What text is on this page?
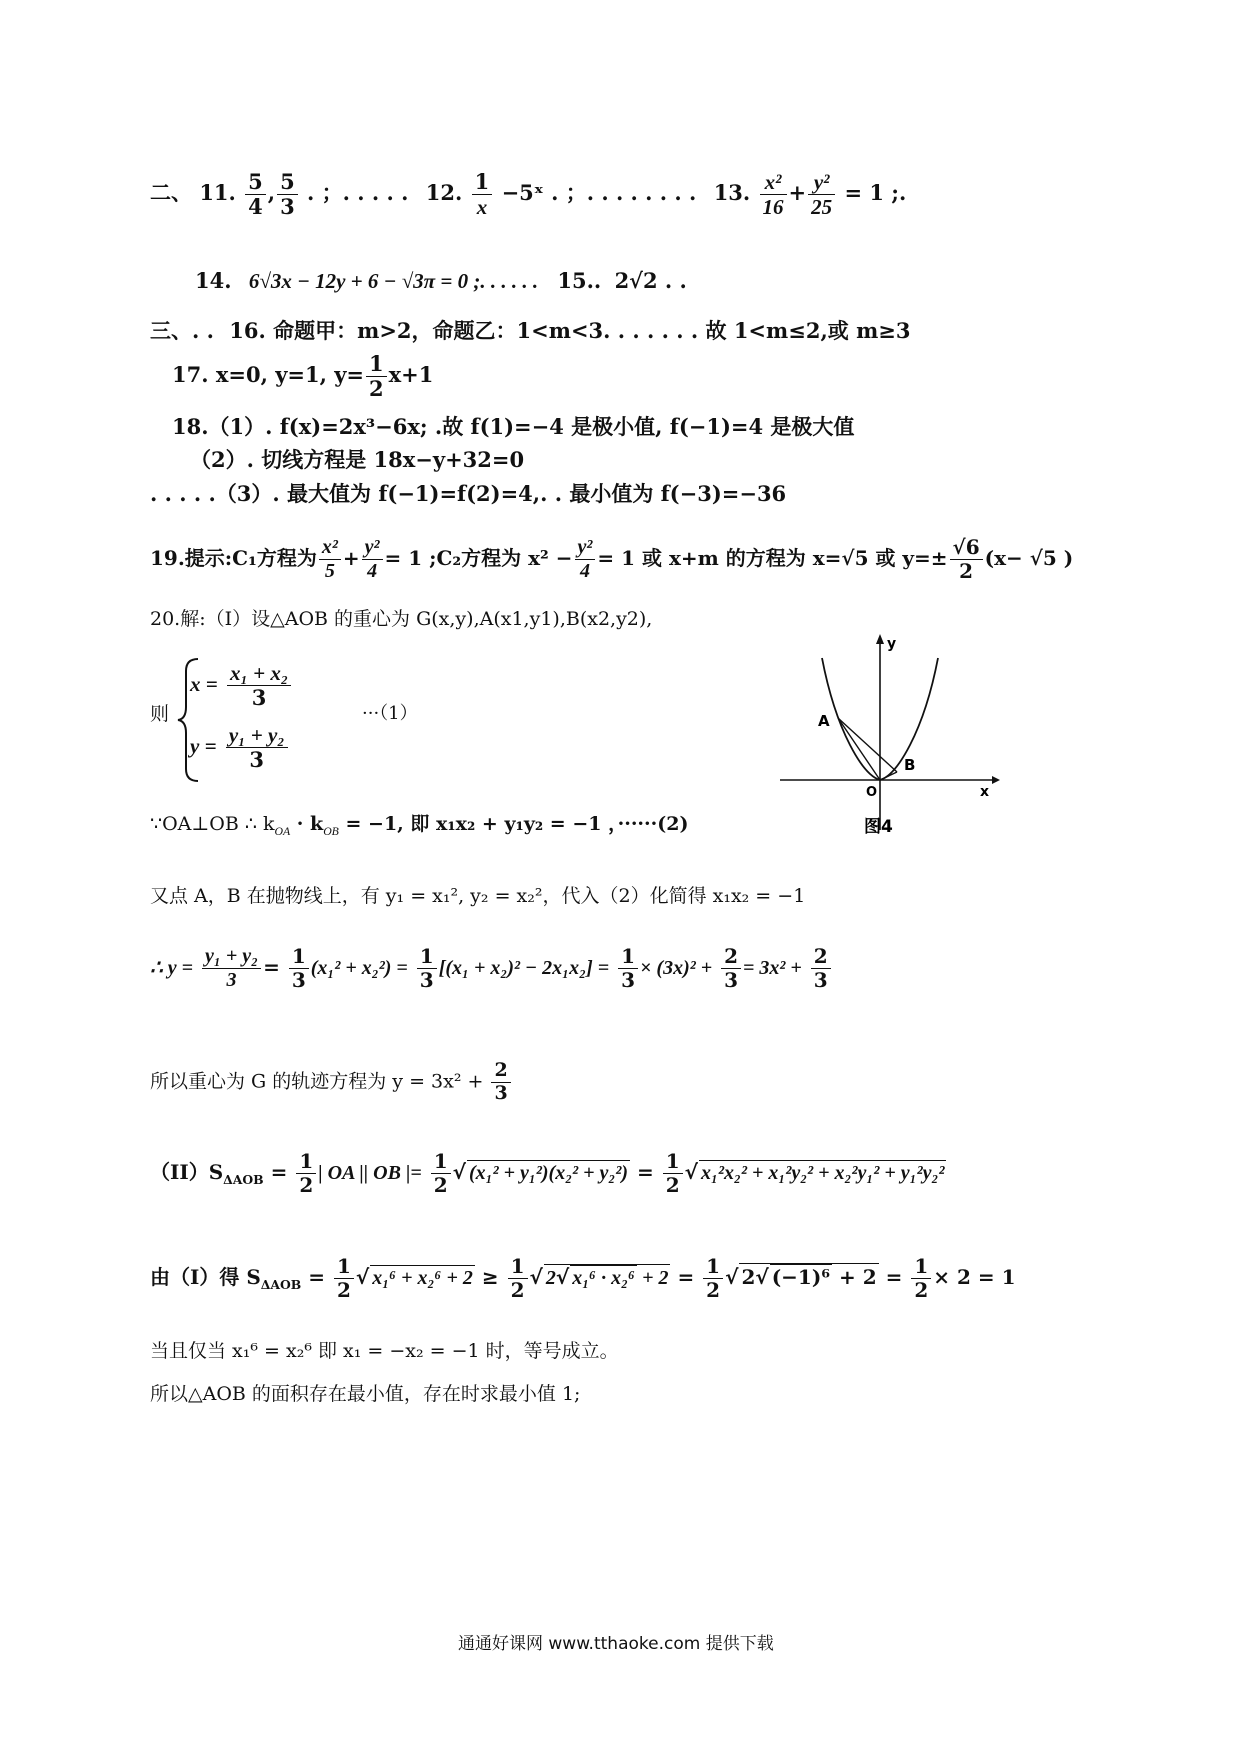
二、 11. $\frac{5}{4}$ , $\frac{5}{3}$ . ；. . . . . 12. $\frac{1}{x}$ −5ˣ . ；. . . . . . . . 13. $\frac{\text{x²}}{16} + \frac{\text{y²}}{25} = 1$ ;.
14. 6√3x − 12y + 6 − √3π = 0 ;. . . . . . 15.. 2√2 . .
三、. . 16. 命题甲：m>2，命题乙：1<m<3. . . . . . . 故 1<m≤2,或 m≥3
17. x=0, y=1, $y= \frac{1}{2} x+1$
18.（1）. f(x)=2x³−6x; .故 f(1)=−4 是极小值, f(−1)=4 是极大值
（2）. 切线方程是 18x−y+32=0
. . . . .（3）. 最大值为 f(−1)=f(2)=4,. . 最小值为 f(−3)=−36
19.提示:C₁方程为 $\frac{\text{x²}}{5} + \frac{\text{y²}}{4} = 1$ ;C₂方程为 $x^2 - \frac{\text{y²}}{4} = 1$ 或 x+m 的方程为 x=√5 或 $y=\pm \frac{√6}{2} (x- √5$ )
20.解:（I）设△AOB 的重心为 G(x,y),A(x1,y1),B(x2,y2),
则
$x = \frac{\text{x₁ + x₂}}{3}$
$y = \frac{\text{y₁ + y₂}}{3}$
···（1）
y
x
A
B
O
图4
∵OA⊥OB ∴ $k_{OA} \cdot k_{OB} = -1$, 即 x₁x₂ + y₁y₂ = −1 ，······(2)
又点 A，B 在抛物线上，有 y₁ = x₁², y₂ = x₂²，代入（2）化简得 x₁x₂ = −1
∴ $y = \frac{\text{y₁ + y₂}}{3} = \frac{1}{3} (x_1^2 + x_2^2) = \frac{1}{3} [(x_1 + x_2)^2 - 2x_1x_2] = \frac{1}{3} \times (3x)^2 + \frac{2}{3} = 3x^2 + \frac{2}{3}$
所以重心为 G 的轨迹方程为 $y = 3x^2 + \frac{2}{3}$
$(II)S_{\Delta AOB} = \frac{1}{2}$ | OA || OB |= $\frac{1}{2}$ √ $(x_1^2 + y_1^2)(x_2^2 + y_2^2) = \frac{1}{2}$ √ x₁²x₂² + x₁²y₂² + x₂²y₁² + y₁²y₂²
由（I）得 $S_{\Delta AOB} = \frac{1}{2}$ √ $x_1^6 + x_2^6 + 2 \ge \frac{1}{2}$ √ 2√ $x_1^6 \cdot x_2^6 + 2 = \frac{1}{2}$ √ 2√ $(-1)^6 + 2 = \frac{1}{2} \times 2 = 1$
当且仅当 x₁⁶ = x₂⁶ 即 x₁ = −x₂ = −1 时，等号成立。
所以△AOB 的面积存在最小值，存在时求最小值 1;
通通好课网 www.tthaoke.com 提供下载
